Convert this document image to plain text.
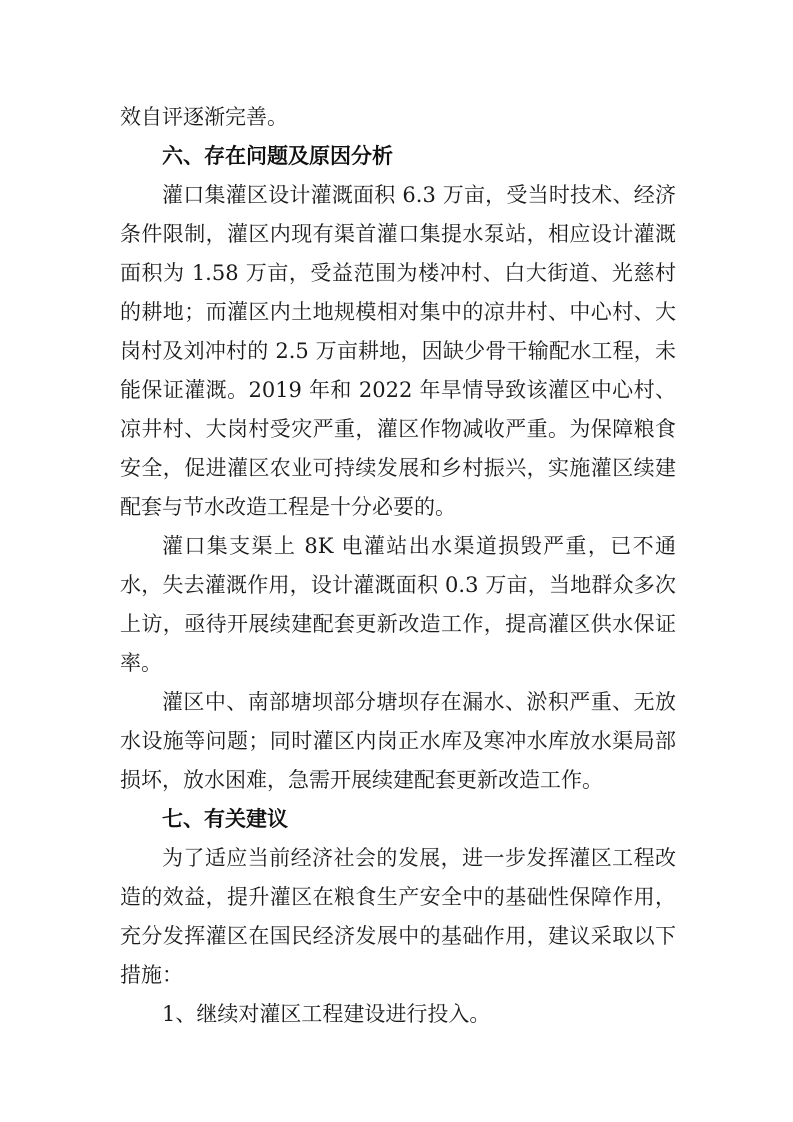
效自评逐渐完善。

六、存在问题及原因分析

灌口集灌区设计灌溉面积 6.3 万亩，受当时技术、经济条件限制，灌区内现有渠首灌口集提水泵站，相应设计灌溉面积为 1.58 万亩，受益范围为楼冲村、白大街道、光慈村的耕地；而灌区内土地规模相对集中的凉井村、中心村、大岗村及刘冲村的 2.5 万亩耕地，因缺少骨干输配水工程，未能保证灌溉。2019 年和 2022 年旱情导致该灌区中心村、凉井村、大岗村受灾严重，灌区作物减收严重。为保障粮食安全，促进灌区农业可持续发展和乡村振兴，实施灌区续建配套与节水改造工程是十分必要的。

灌口集支渠上 8K 电灌站出水渠道损毁严重，已不通水，失去灌溉作用，设计灌溉面积 0.3 万亩，当地群众多次上访，亟待开展续建配套更新改造工作，提高灌区供水保证率。

灌区中、南部塘坝部分塘坝存在漏水、淤积严重、无放水设施等问题；同时灌区内岗正水库及寒冲水库放水渠局部损坏，放水困难，急需开展续建配套更新改造工作。

七、有关建议

为了适应当前经济社会的发展，进一步发挥灌区工程改造的效益，提升灌区在粮食生产安全中的基础性保障作用，充分发挥灌区在国民经济发展中的基础作用，建议采取以下措施：

1、继续对灌区工程建设进行投入。
